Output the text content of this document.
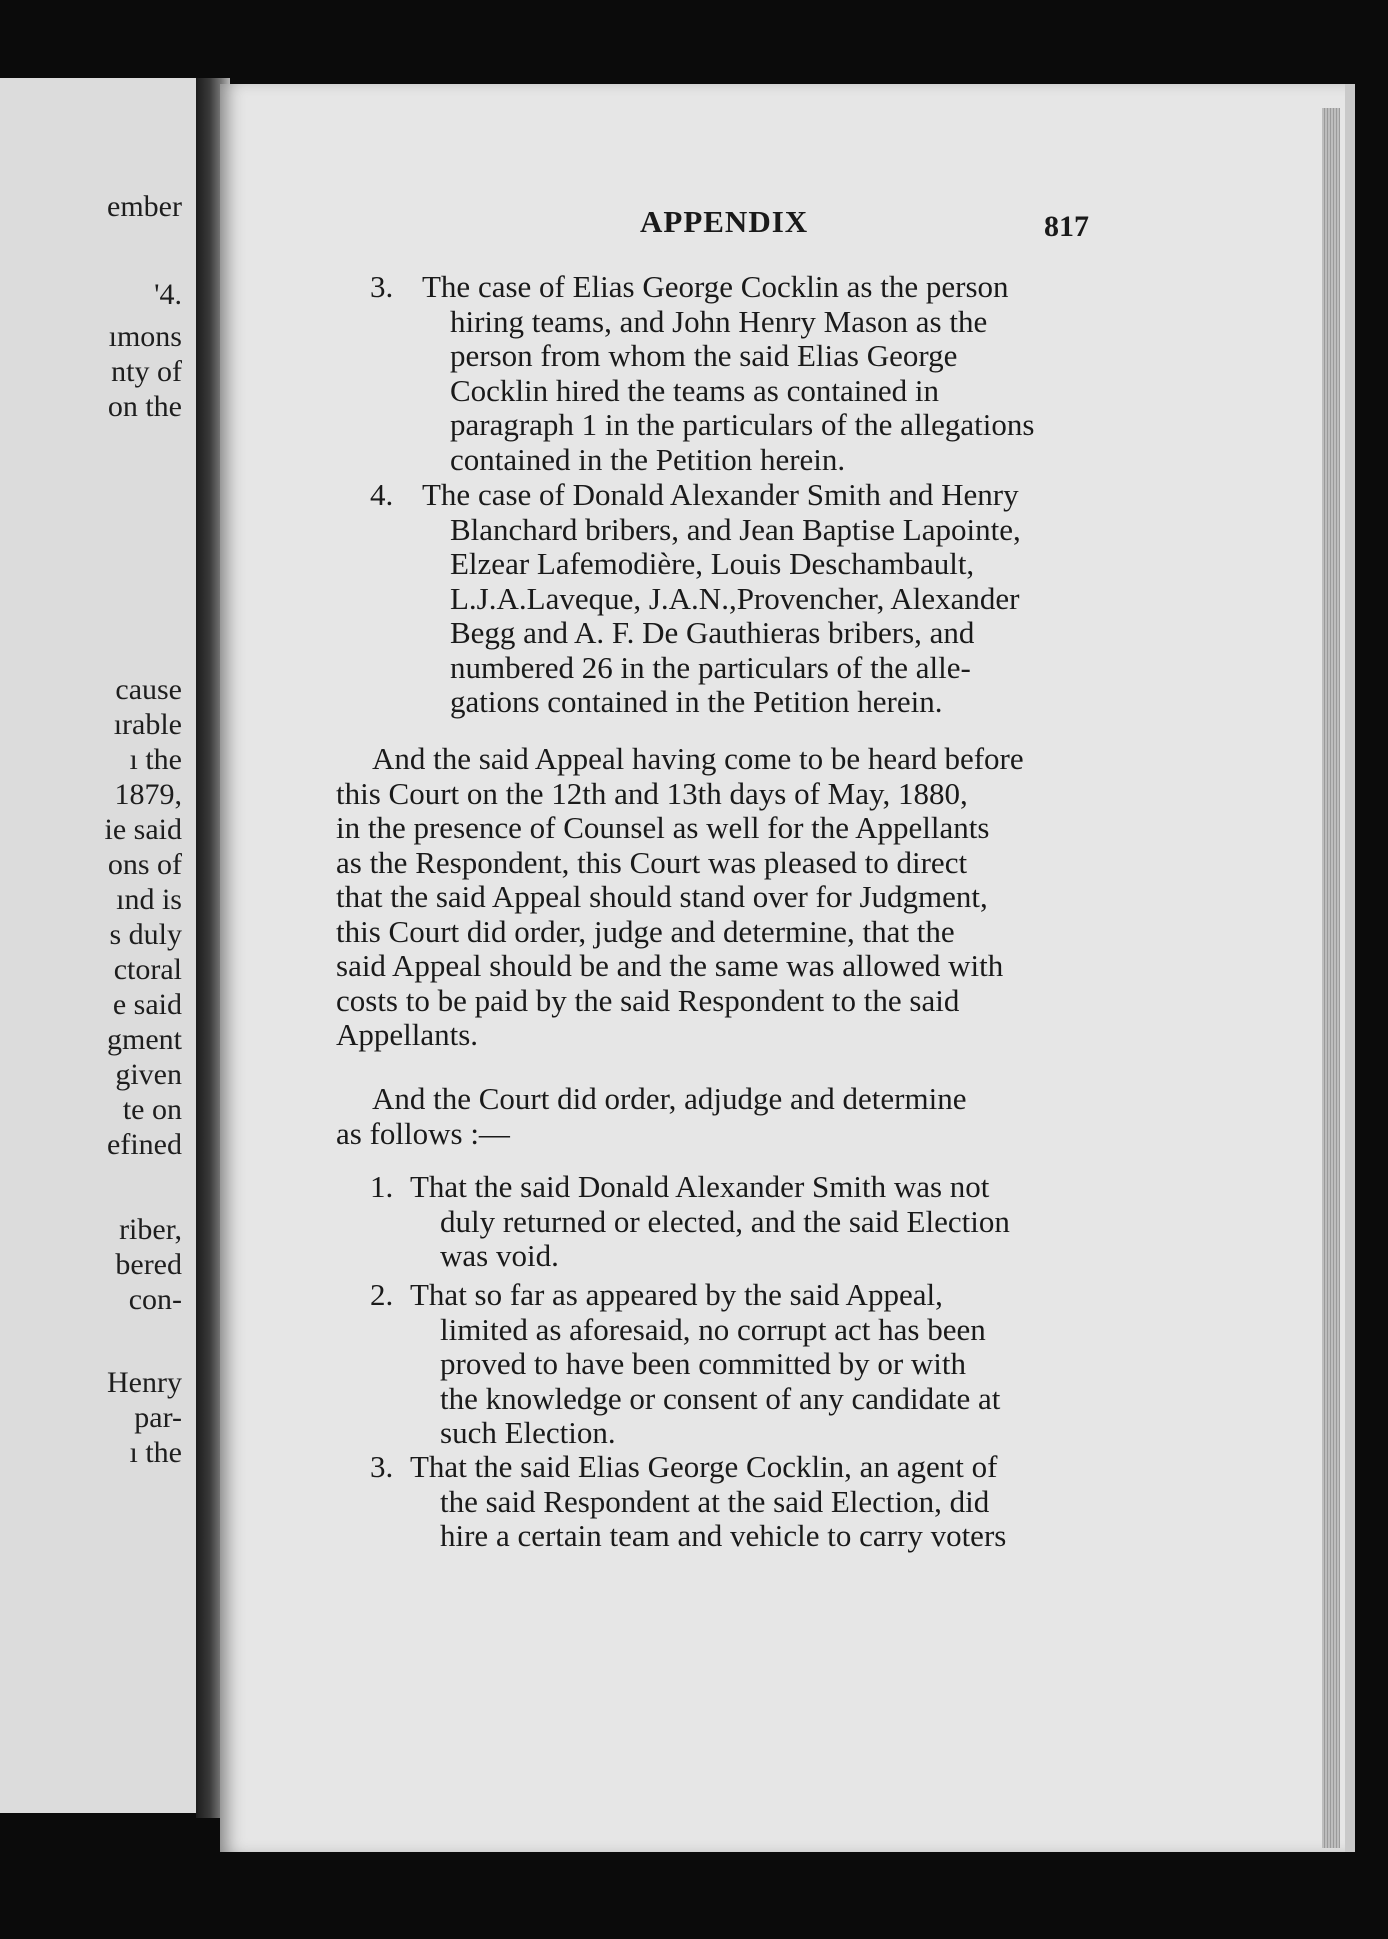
ember

'4.

ımons

nty of

on the

cause

ırable

ı the

1879,

ie said

ons of

ınd is

s duly

ctoral

e said

gment

given

te on

efined

riber,

bered

con-

Henry

par-

ı the

APPENDIX	817

3. The case of Elias George Cocklin as the person
hiring teams, and John Henry Mason as the
person from whom the said Elias George
Cocklin hired the teams as contained in
paragraph 1 in the particulars of the allegations
contained in the Petition herein.
4. The case of Donald Alexander Smith and Henry
Blanchard bribers, and Jean Baptise Lapointe,
Elzear Lafemodière, Louis Deschambault,
L.J.A.Laveque, J.A.N.,Provencher, Alexander
Begg and A. F. De Gauthieras bribers, and
numbered 26 in the particulars of the alle-
gations contained in the Petition herein.
And the said Appeal having come to be heard before
this Court on the 12th and 13th days of May, 1880,
in the presence of Counsel as well for the Appellants
as the Respondent, this Court was pleased to direct
that the said Appeal should stand over for Judgment,
this Court did order, judge and determine, that the
said Appeal should be and the same was allowed with
costs to be paid by the said Respondent to the said
Appellants.
And the Court did order, adjudge and determine
as follows :—
1. That the said Donald Alexander Smith was not
duly returned or elected, and the said Election
was void.
2. That so far as appeared by the said Appeal,
limited as aforesaid, no corrupt act has been
proved to have been committed by or with
the knowledge or consent of any candidate at
such Election.
3. That the said Elias George Cocklin, an agent of
the said Respondent at the said Election, did
hire a certain team and vehicle to carry voters
